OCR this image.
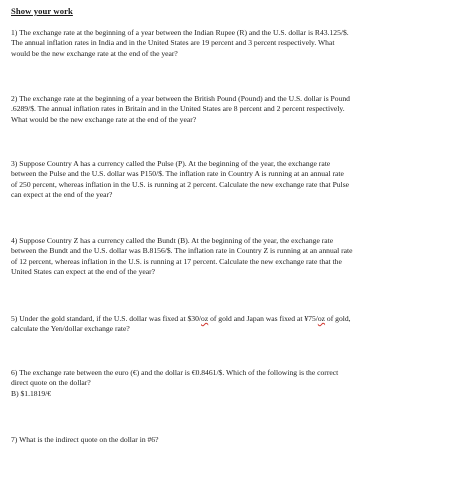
Show your work
1) The exchange rate at the beginning of a year between the Indian Rupee (R) and the U.S. dollar is R43.125/$.
The annual inflation rates in India and in the United States are 19 percent and 3 percent respectively. What
would be the new exchange rate at the end of the year?
2) The exchange rate at the beginning of a year between the British Pound (Pound) and the U.S. dollar is Pound
.6289/$. The annual inflation rates in Britain and in the United States are 8 percent and 2 percent respectively.
What would be the new exchange rate at the end of the year?
3) Suppose Country A has a currency called the Pulse (P). At the beginning of the year, the exchange rate
between the Pulse and the U.S. dollar was P150/$. The inflation rate in Country A is running at an annual rate
of 250 percent, whereas inflation in the U.S. is running at 2 percent. Calculate the new exchange rate that Pulse
can expect at the end of the year?
4) Suppose Country Z has a currency called the Bundt (B). At the beginning of the year, the exchange rate
between the Bundt and the U.S. dollar was B.8156/$. The inflation rate in Country Z is running at an annual rate
of 12 percent, whereas inflation in the U.S. is running at 17 percent. Calculate the new exchange rate that the
United States can expect at the end of the year?
5) Under the gold standard, if the U.S. dollar was fixed at $30/oz of gold and Japan was fixed at ¥75/oz of gold,
calculate the Yen/dollar exchange rate?
6) The exchange rate between the euro (€) and the dollar is €0.8461/$. Which of the following is the correct
direct quote on the dollar?
B) $1.1819/€
7) What is the indirect quote on the dollar in #6?
